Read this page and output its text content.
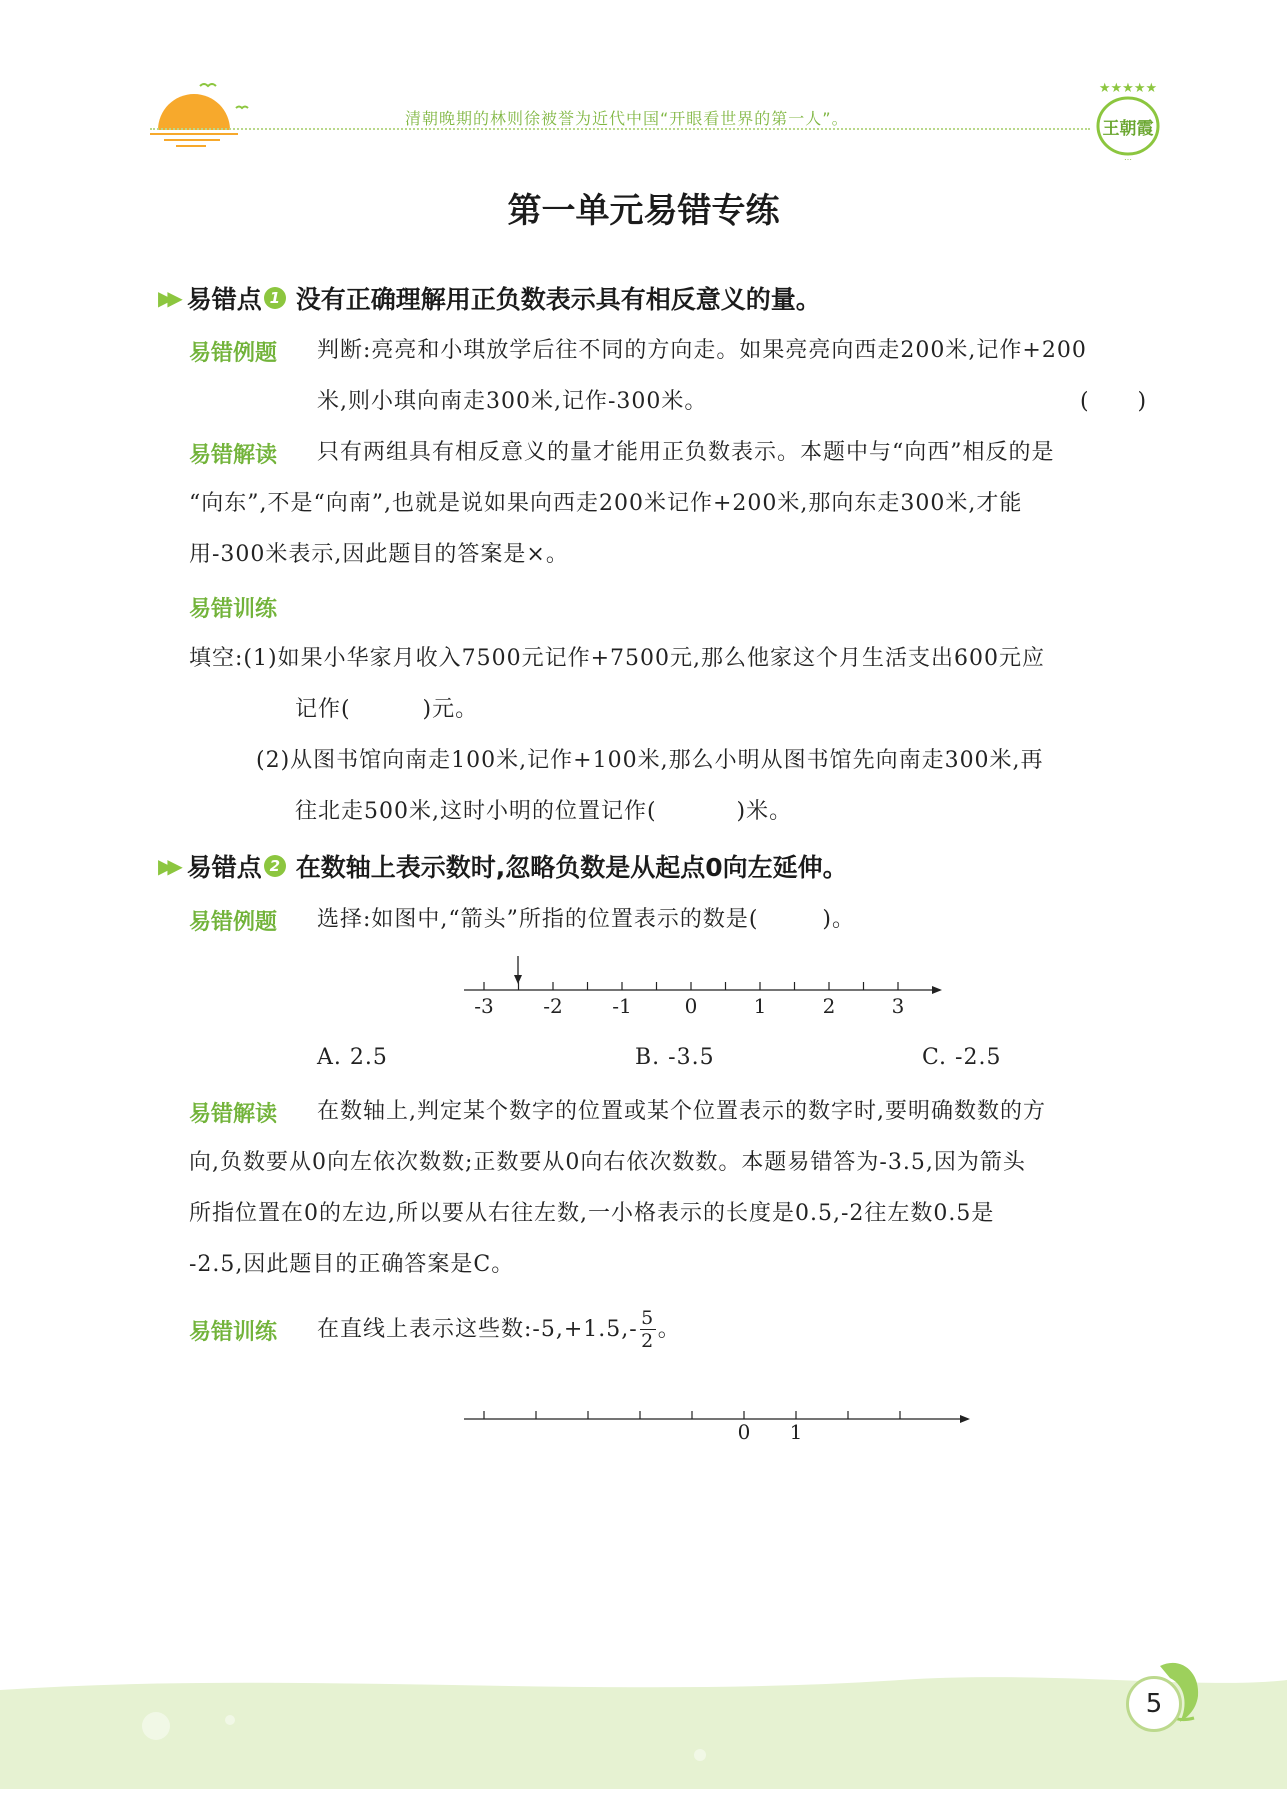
清朝晚期的林则徐被誉为近代中国“开眼看世界的第一人”。
★★★★★
…
王朝霞
第一单元易错专练
▶▶ 易错点 1 没有正确理解用正负数表示具有相反意义的量。
易错例题 判断:亮亮和小琪放学后往不同的方向走。如果亮亮向西走200米,记作+200
米,则小琪向南走300米,记作-300米。	(      )
易错解读 只有两组具有相反意义的量才能用正负数表示。本题中与“向西”相反的是
“向东”,不是“向南”,也就是说如果向西走200米记作+200米,那向东走300米,才能
用-300米表示,因此题目的答案是×。
易错训练
填空:(1)如果小华家月收入7500元记作+7500元,那么他家这个月生活支出600元应
记作(         )元。
(2)从图书馆向南走100米,记作+100米,那么小明从图书馆先向南走300米,再
往北走500米,这时小明的位置记作(          )米。
▶▶ 易错点 2 在数轴上表示数时,忽略负数是从起点0向左延伸。
易错例题 选择:如图中,“箭头”所指的位置表示的数是(        )。
-3 -2 -1	0	1	2	3
A. 2.5	B. -3.5	C. -2.5
易错解读 在数轴上,判定某个数字的位置或某个位置表示的数字时,要明确数数的方
向,负数要从0向左依次数数;正数要从0向右依次数数。本题易错答为-3.5,因为箭头
所指位置在0的左边,所以要从右往左数,一小格表示的长度是0.5,-2往左数0.5是
-2.5,因此题目的正确答案是C。
易错训练 在直线上表示这些数:-5,+1.5,- $\frac{5}{2}$ 。
0 1
5
